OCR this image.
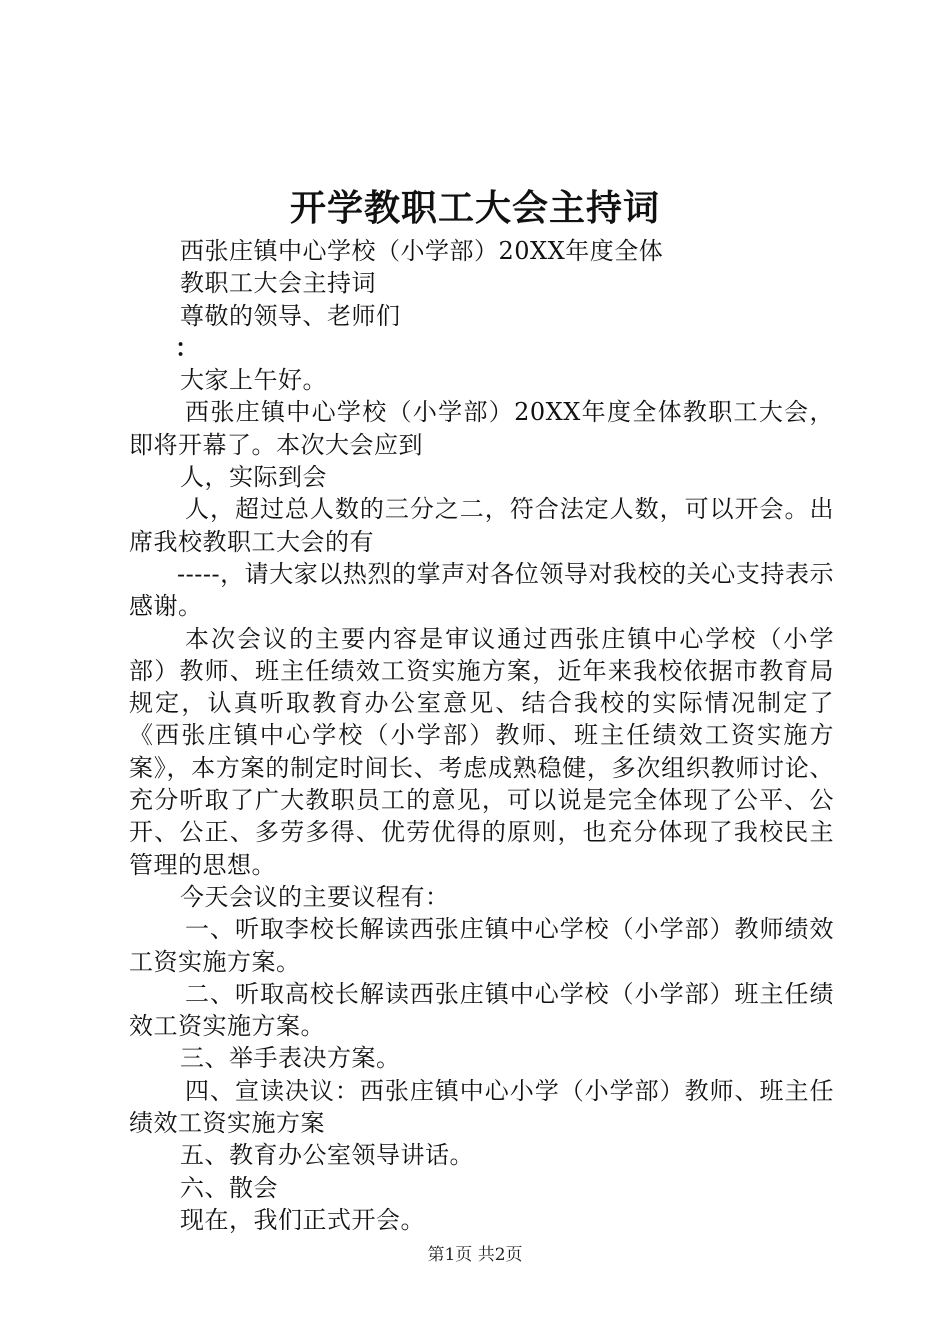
开学教职工大会主持词

西张庄镇中心学校（小学部）20XX年度全体

教职工大会主持词

尊敬的领导、老师们

：

大家上午好。

西张庄镇中心学校（小学部）20XX年度全体教职工大会，即将开幕了。本次大会应到

人，实际到会

人，超过总人数的三分之二，符合法定人数，可以开会。出席我校教职工大会的有

-----，请大家以热烈的掌声对各位领导对我校的关心支持表示感谢。

本次会议的主要内容是审议通过西张庄镇中心学校（小学部）教师、班主任绩效工资实施方案，近年来我校依据市教育局规定，认真听取教育办公室意见、结合我校的实际情况制定了《西张庄镇中心学校（小学部）教师、班主任绩效工资实施方案》，本方案的制定时间长、考虑成熟稳健，多次组织教师讨论、充分听取了广大教职员工的意见，可以说是完全体现了公平、公开、公正、多劳多得、优劳优得的原则，也充分体现了我校民主管理的思想。

今天会议的主要议程有：

一、听取李校长解读西张庄镇中心学校（小学部）教师绩效工资实施方案。

二、听取高校长解读西张庄镇中心学校（小学部）班主任绩效工资实施方案。

三、举手表决方案。

四、宣读决议：西张庄镇中心小学（小学部）教师、班主任绩效工资实施方案

五、教育办公室领导讲话。

六、散会

现在，我们正式开会。

第1页 共2页
